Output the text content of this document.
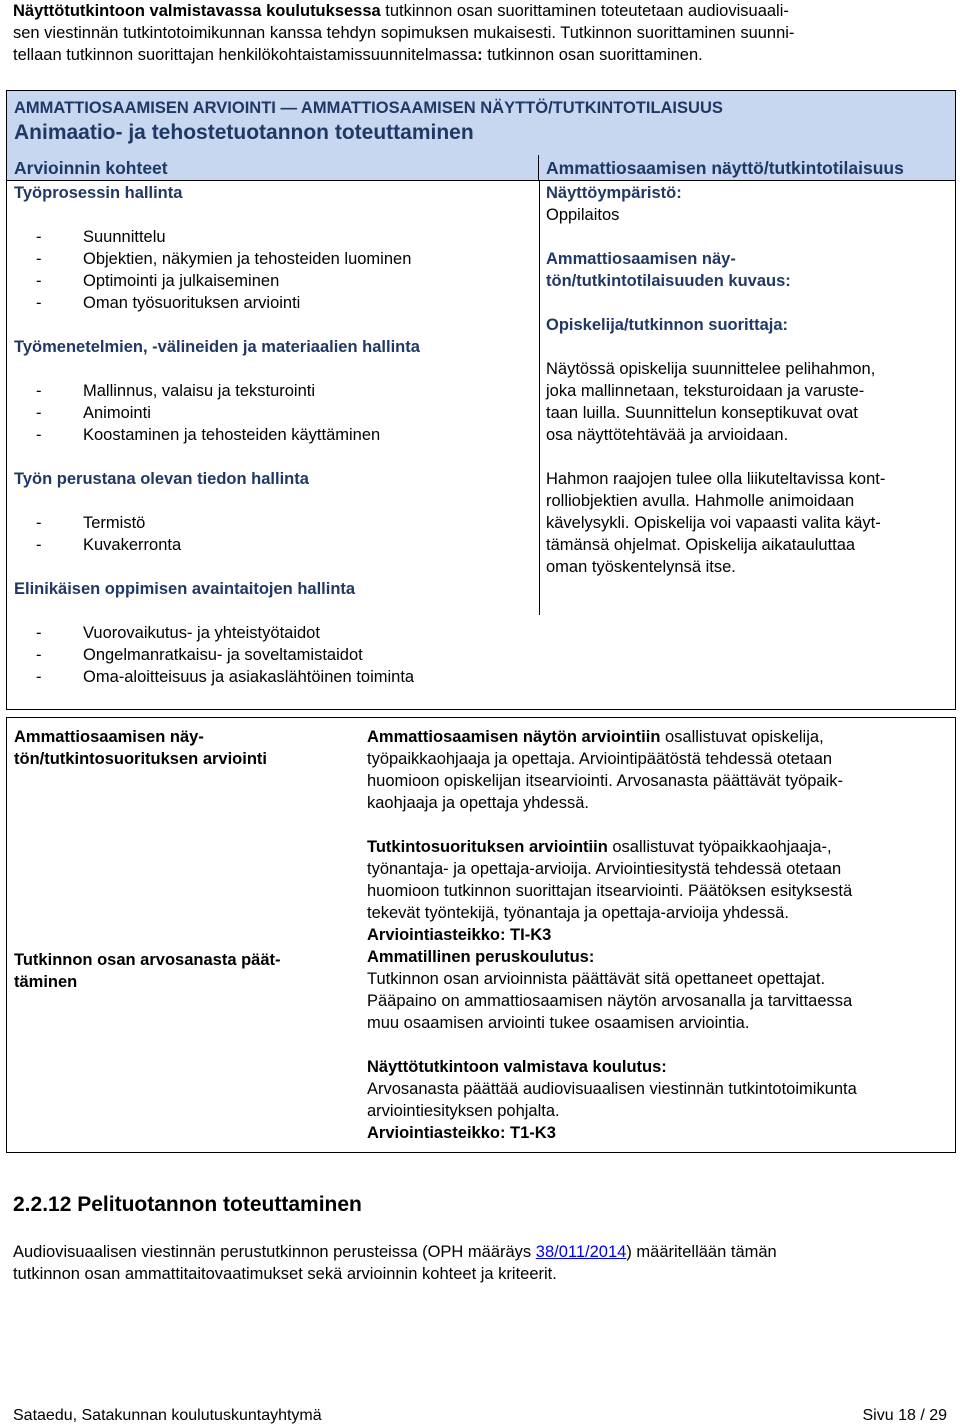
Näyttötutkintoon valmistavassa koulutuksessa tutkinnon osan suorittaminen toteutetaan audiovisuaali-

sen viestinnän tutkintotoimikunnan kanssa tehdyn sopimuksen mukaisesti. Tutkinnon suorittaminen suunni-

tellaan tutkinnon suorittajan henkilökohtaistamissuunnitelmassa: tutkinnon osan suorittaminen.

AMMATTIOSAAMISEN ARVIOINTI — AMMATTIOSAAMISEN NÄYTTÖ/TUTKINTOTILAISUUS
Animaatio- ja tehostetuotannon toteuttaminen
Arvioinnin kohteet	Ammattiosaamisen näyttö/tutkintotilaisuus

Työprosessin hallinta

- Suunnittelu
- Objektien, näkymien ja tehosteiden luominen
- Optimointi ja julkaiseminen
- Oman työsuorituksen arviointi

Työmenetelmien, -välineiden ja materiaalien hallinta

- Mallinnus, valaisu ja teksturointi
- Animointi
- Koostaminen ja tehosteiden käyttäminen

Työn perustana olevan tiedon hallinta

- Termistö
- Kuvakerronta

Elinikäisen oppimisen avaintaitojen hallinta

- Vuorovaikutus- ja yhteistyötaidot
- Ongelmanratkaisu- ja soveltamistaidot
- Oma-aloitteisuus ja asiakaslähtöinen toiminta

Näyttöympäristö:

Oppilaitos

Ammattiosaamisen näy-

tön/tutkintotilaisuuden kuvaus:

Opiskelija/tutkinnon suorittaja:

Näytössä opiskelija suunnittelee pelihahmon,

joka mallinnetaan, teksturoidaan ja varuste-

taan luilla. Suunnittelun konseptikuvat ovat

osa näyttötehtävää ja arvioidaan.

Hahmon raajojen tulee olla liikuteltavissa kont-

rolliobjektien avulla. Hahmolle animoidaan

kävelysykli. Opiskelija voi vapaasti valita käyt-

tämänsä ohjelmat. Opiskelija aikatauluttaa

oman työskentelynsä itse.

Ammattiosaamisen näy-
tön/tutkintosuorituksen arviointi
Tutkinnon osan arvosanasta päät-
täminen

Ammattiosaamisen näytön arviointiin osallistuvat opiskelija,

työpaikkaohjaaja ja opettaja. Arviointipäätöstä tehdessä otetaan

huomioon opiskelijan itsearviointi. Arvosanasta päättävät työpaik-

kaohjaaja ja opettaja yhdessä.

Tutkintosuorituksen arviointiin osallistuvat työpaikkaohjaaja-,

työnantaja- ja opettaja-arvioija. Arviointiesitystä tehdessä otetaan

huomioon tutkinnon suorittajan itsearviointi. Päätöksen esityksestä

tekevät työntekijä, työnantaja ja opettaja-arvioija yhdessä.

Arviointiasteikko: TI-K3

Ammatillinen peruskoulutus:

Tutkinnon osan arvioinnista päättävät sitä opettaneet opettajat.

Pääpaino on ammattiosaamisen näytön arvosanalla ja tarvittaessa

muu osaamisen arviointi tukee osaamisen arviointia.

Näyttötutkintoon valmistava koulutus:

Arvosanasta päättää audiovisuaalisen viestinnän tutkintotoimikunta

arviointiesityksen pohjalta.

Arviointiasteikko: T1-K3

2.2.12 Pelituotannon toteuttaminen

Audiovisuaalisen viestinnän perustutkinnon perusteissa (OPH määräys 38/011/2014) määritellään tämän

tutkinnon osan ammattitaitovaatimukset sekä arvioinnin kohteet ja kriteerit.

Sataedu, Satakunnan koulutuskuntayhtymä	Sivu 18 / 29
